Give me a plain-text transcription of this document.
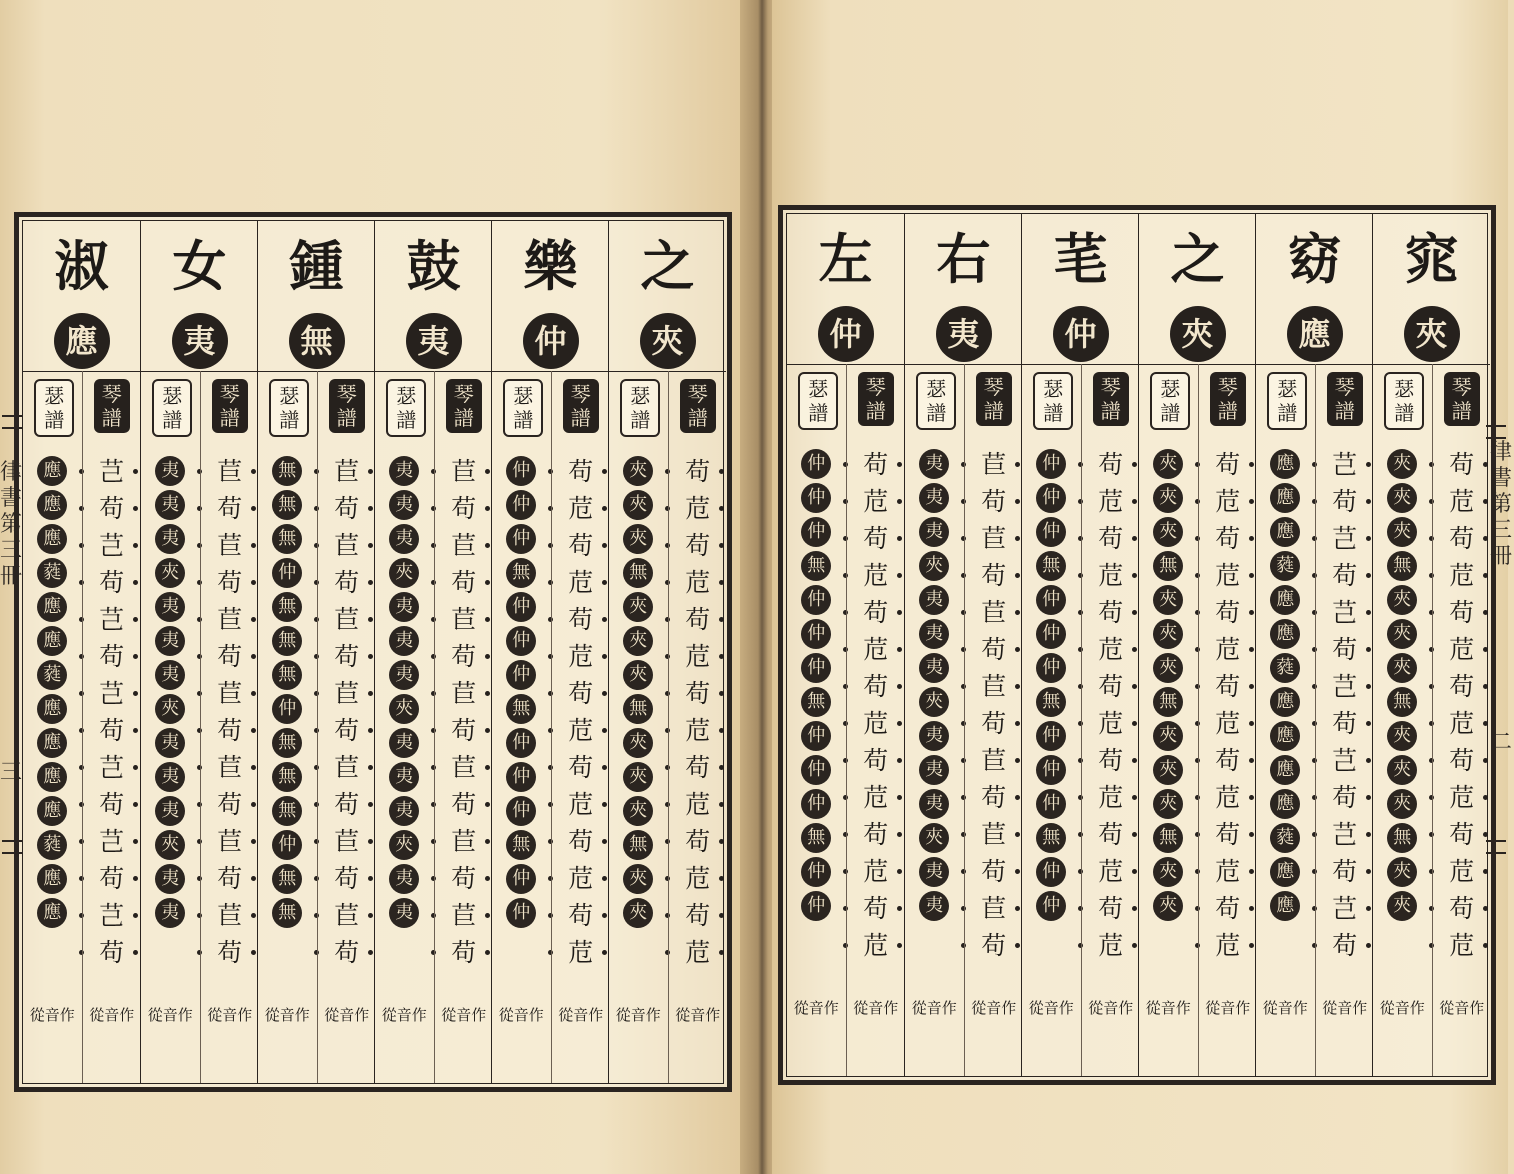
淑
應
瑟譜
應
應
應
蕤
應
應
蕤
應
應
應
應
蕤
應
應
從音作
琴譜
芑
苟
芑
苟
芑
苟
芑
苟
芑
苟
芑
苟
芑
苟
從音作
女
夷
瑟譜
夷
夷
夷
夾
夷
夷
夷
夾
夷
夷
夷
夾
夷
夷
從音作
琴譜
苣
苟
苣
苟
苣
苟
苣
苟
苣
苟
苣
苟
苣
苟
從音作
鍾
無
瑟譜
無
無
無
仲
無
無
無
仲
無
無
無
仲
無
無
從音作
琴譜
苣
苟
苣
苟
苣
苟
苣
苟
苣
苟
苣
苟
苣
苟
從音作
鼓
夷
瑟譜
夷
夷
夷
夾
夷
夷
夷
夾
夷
夷
夷
夾
夷
夷
從音作
琴譜
苣
苟
苣
苟
苣
苟
苣
苟
苣
苟
苣
苟
苣
苟
從音作
樂
仲
瑟譜
仲
仲
仲
無
仲
仲
仲
無
仲
仲
仲
無
仲
仲
從音作
琴譜
苟
苊
苟
苊
苟
苊
苟
苊
苟
苊
苟
苊
苟
苊
從音作
之
夾
瑟譜
夾
夾
夾
無
夾
夾
夾
無
夾
夾
夾
無
夾
夾
從音作
琴譜
苟
苊
苟
苊
苟
苊
苟
苊
苟
苊
苟
苊
苟
苊
從音作
律書第三冊
三
左
仲
瑟譜
仲
仲
仲
無
仲
仲
仲
無
仲
仲
仲
無
仲
仲
從音作
琴譜
苟
苊
苟
苊
苟
苊
苟
苊
苟
苊
苟
苊
苟
苊
從音作
右
夷
瑟譜
夷
夷
夷
夾
夷
夷
夷
夾
夷
夷
夷
夾
夷
夷
從音作
琴譜
苣
苟
苣
苟
苣
苟
苣
苟
苣
苟
苣
苟
苣
苟
從音作
芼
仲
瑟譜
仲
仲
仲
無
仲
仲
仲
無
仲
仲
仲
無
仲
仲
從音作
琴譜
苟
苊
苟
苊
苟
苊
苟
苊
苟
苊
苟
苊
苟
苊
從音作
之
夾
瑟譜
夾
夾
夾
無
夾
夾
夾
無
夾
夾
夾
無
夾
夾
從音作
琴譜
苟
苊
苟
苊
苟
苊
苟
苊
苟
苊
苟
苊
苟
苊
從音作
窈
應
瑟譜
應
應
應
蕤
應
應
蕤
應
應
應
應
蕤
應
應
從音作
琴譜
芑
苟
芑
苟
芑
苟
芑
苟
芑
苟
芑
苟
芑
苟
從音作
窕
夾
瑟譜
夾
夾
夾
無
夾
夾
夾
無
夾
夾
夾
無
夾
夾
從音作
琴譜
苟
苊
苟
苊
苟
苊
苟
苊
苟
苊
苟
苊
苟
苊
從音作
律書第三冊
二
